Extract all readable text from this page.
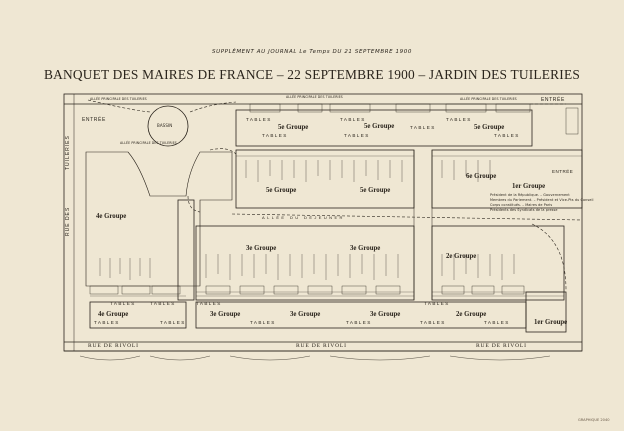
SUPPLÉMENT AU JOURNAL Le Temps DU 21 SEPTEMBRE 1900
BANQUET DES MAIRES DE FRANCE – 22 SEPTEMBRE 1900 – JARDIN DES TUILERIES
ALLÉE PRINCIPALE DES TUILERIES	ALLÉE PRINCIPALE DES TUILERIES	ALLÉE PRINCIPALE DES TUILERIES
ALLÉE PRINCIPALE DES TUILERIES
ENTRÉE
ENTRÉE
ENTRÉE
BASSIN
TUILERIES
RUE DES
RUE DE RIVOLI	RUE DE RIVOLI	RUE DE RIVOLI
TABLES	TABLES	TABLES
TABLES	TABLES
TABLES
TABLES
TABLES	TABLES
TABLES	TABLES	TABLES	TABLES	TABLES	TABLES
TABLES	TABLES
ALLÉE DU DÉJEUNER
5e Groupe
5e Groupe	5e Groupe
5e Groupe	5e Groupe
6e Groupe
4e Groupe
4e Groupe
3e Groupe	3e Groupe
3e Groupe	3e Groupe	3e Groupe
2e Groupe
2e Groupe
1er Groupe
1er Groupe
Président de la République. – Gouvernement
Membres du Parlement. – Président et Vice-Pts du Conseil
Corps constitués. – Maires de Paris
Présidents des Syndicats de la presse
GRAPHIQUE 2040
